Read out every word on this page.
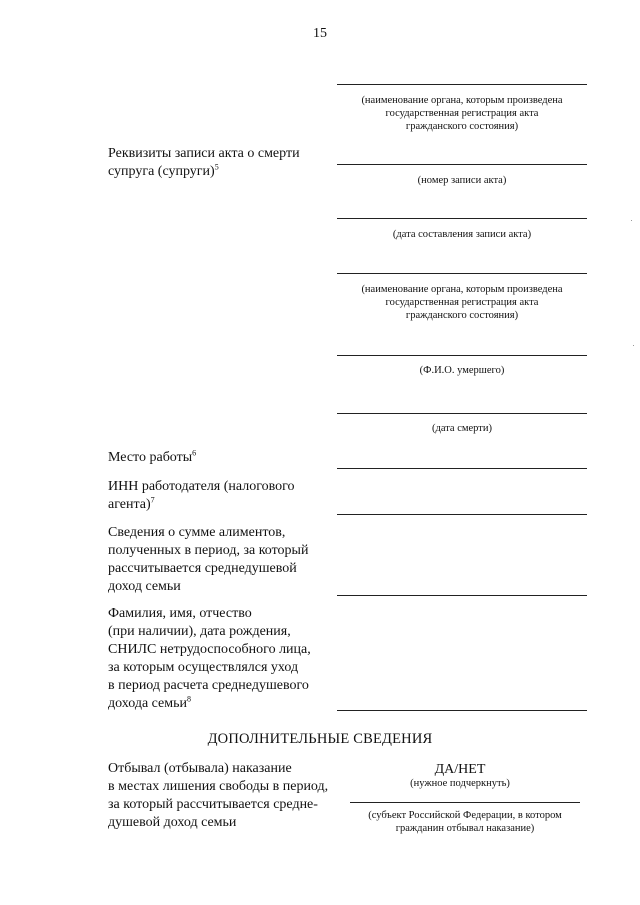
15
(наименование органа, которым произведена
государственная регистрация акта
гражданского состояния)
(номер записи акта)
(дата составления записи акта)
(наименование органа, которым произведена
государственная регистрация акта
гражданского состояния)
(Ф.И.О. умершего)
(дата смерти)
Реквизиты записи акта о смерти
супруга (супруги)$^5$
Место работы$^6$
ИНН работодателя (налогового
агента)$^7$
Сведения о сумме алиментов,
полученных в период, за который
рассчитывается среднедушевой
доход семьи
Фамилия, имя, отчество
(при наличии), дата рождения,
СНИЛС нетрудоспособного лица,
за которым осуществлялся уход
в период расчета среднедушевого
дохода семьи$^8$
ДОПОЛНИТЕЛЬНЫЕ СВЕДЕНИЯ
Отбывал (отбывала) наказание
в местах лишения свободы в период,
за который рассчитывается средне-
душевой доход семьи
ДА/НЕТ
(нужное подчеркнуть)
(субъект Российской Федерации, в котором
гражданин отбывал наказание)
